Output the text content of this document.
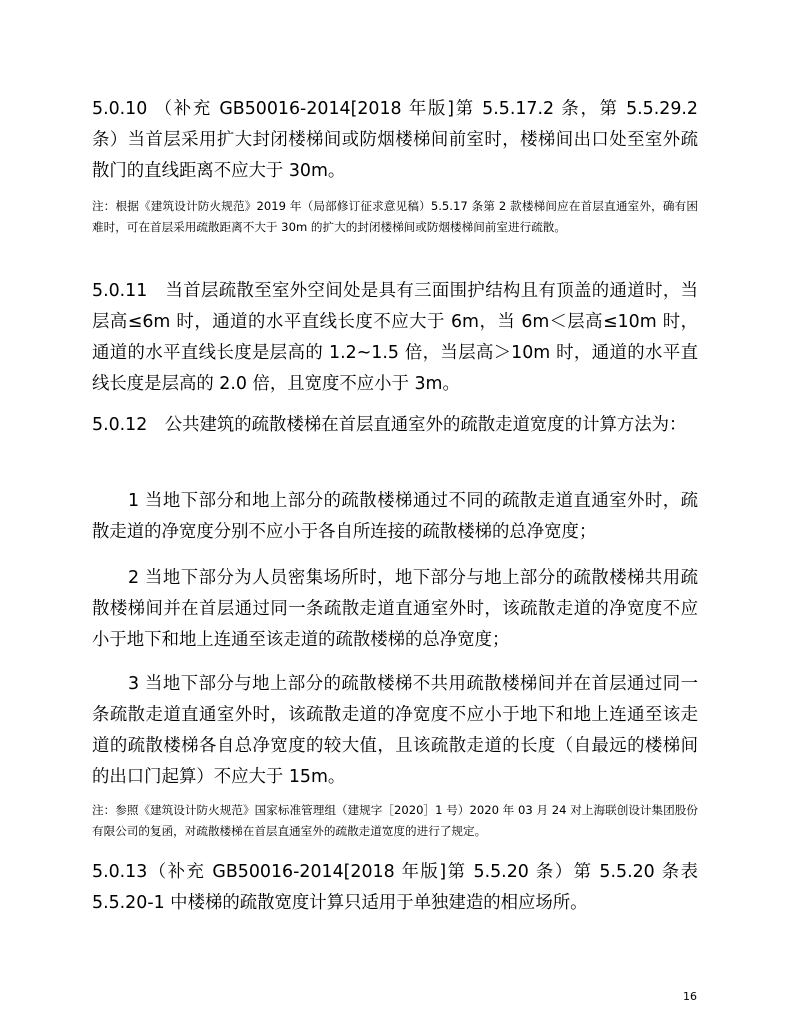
5.0.10 （补充 GB50016-2014[2018 年版]第 5.5.17.2 条，第 5.5.29.2 条）当首层采用扩大封闭楼梯间或防烟楼梯间前室时，楼梯间出口处至室外疏散门的直线距离不应大于 30m。

注：根据《建筑设计防火规范》2019 年（局部修订征求意见稿）5.5.17 条第 2 款楼梯间应在首层直通室外，确有困难时，可在首层采用疏散距离不大于 30m 的扩大的封闭楼梯间或防烟楼梯间前室进行疏散。

5.0.11　当首层疏散至室外空间处是具有三面围护结构且有顶盖的通道时，当层高≤6m 时，通道的水平直线长度不应大于 6m，当 6m＜层高≤10m 时，通道的水平直线长度是层高的 1.2~1.5 倍，当层高＞10m 时，通道的水平直线长度是层高的 2.0 倍，且宽度不应小于 3m。

5.0.12　公共建筑的疏散楼梯在首层直通室外的疏散走道宽度的计算方法为：

1 当地下部分和地上部分的疏散楼梯通过不同的疏散走道直通室外时，疏散走道的净宽度分别不应小于各自所连接的疏散楼梯的总净宽度；

2 当地下部分为人员密集场所时，地下部分与地上部分的疏散楼梯共用疏散楼梯间并在首层通过同一条疏散走道直通室外时，该疏散走道的净宽度不应小于地下和地上连通至该走道的疏散楼梯的总净宽度；

3 当地下部分与地上部分的疏散楼梯不共用疏散楼梯间并在首层通过同一条疏散走道直通室外时，该疏散走道的净宽度不应小于地下和地上连通至该走道的疏散楼梯各自总净宽度的较大值，且该疏散走道的长度（自最远的楼梯间的出口门起算）不应大于 15m。

注：参照《建筑设计防火规范》国家标准管理组（建规字［2020］1 号）2020 年 03 月 24 对上海联创设计集团股份有限公司的复函，对疏散楼梯在首层直通室外的疏散走道宽度的进行了规定。

5.0.13（补充 GB50016-2014[2018 年版]第 5.5.20 条）第 5.5.20 条表 5.5.20-1 中楼梯的疏散宽度计算只适用于单独建造的相应场所。

16
